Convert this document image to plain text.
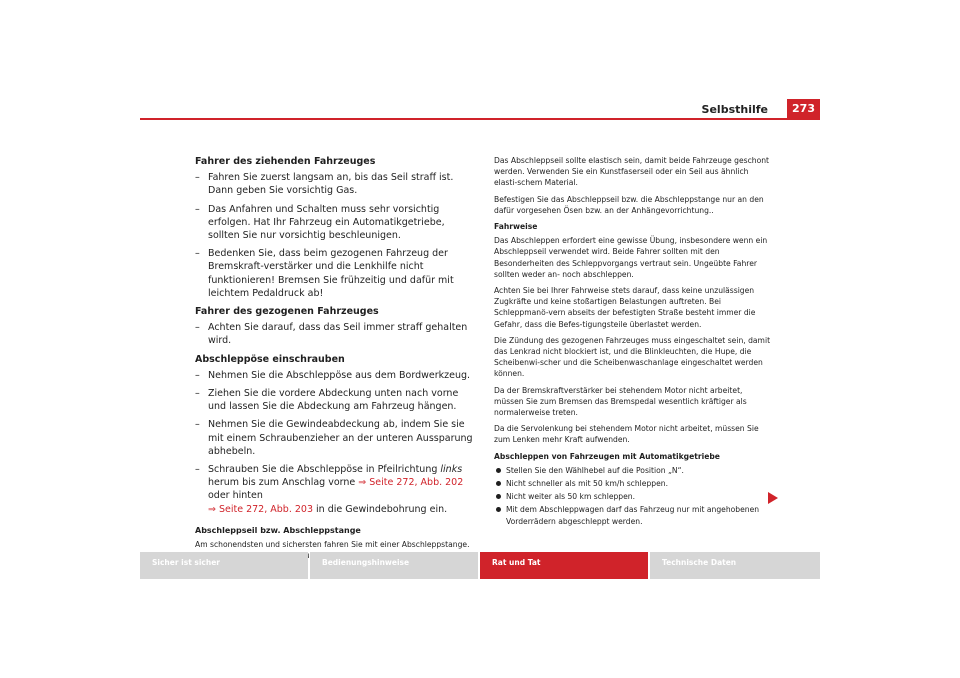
Selbsthilfe	273
Fahrer des ziehenden Fahrzeuges
– Fahren Sie zuerst langsam an, bis das Seil straff ist. Dann geben Sie vorsichtig Gas.
– Das Anfahren und Schalten muss sehr vorsichtig erfolgen. Hat Ihr Fahrzeug ein Automatikgetriebe, sollten Sie nur vorsichtig beschleunigen.
– Bedenken Sie, dass beim gezogenen Fahrzeug der Bremskraft-verstärker und die Lenkhilfe nicht funktionieren! Bremsen Sie frühzeitig und dafür mit leichtem Pedaldruck ab!
Fahrer des gezogenen Fahrzeuges
– Achten Sie darauf, dass das Seil immer straff gehalten wird.
Abschleppöse einschrauben
– Nehmen Sie die Abschleppöse aus dem Bordwerkzeug.
– Ziehen Sie die vordere Abdeckung unten nach vorne und lassen Sie die Abdeckung am Fahrzeug hängen.
– Nehmen Sie die Gewindeabdeckung ab, indem Sie sie mit einem Schraubenzieher an der unteren Aussparung abhebeln.
– Schrauben Sie die Abschleppöse in Pfeilrichtung links herum bis zum Anschlag vorne ⇒ Seite 272, Abb. 202 oder hinten
⇒ Seite 272, Abb. 203 in die Gewindebohrung ein.
Abschleppseil bzw. Abschleppstange

Am schonendsten und sichersten fahren Sie mit einer Abschleppstange.

Das Abschleppseil sollte elastisch sein, damit beide Fahrzeuge geschont werden. Verwenden Sie ein Kunstfaserseil oder ein Seil aus ähnlich elasti-schem Material.

Befestigen Sie das Abschleppseil bzw. die Abschleppstange nur an den dafür vorgesehen Ösen bzw. an der Anhängevorrichtung..

Fahrweise

Das Abschleppen erfordert eine gewisse Übung, insbesondere wenn ein Abschleppseil verwendet wird. Beide Fahrer sollten mit den Besonderheiten des Schleppvorgangs vertraut sein. Ungeübte Fahrer sollten weder an- noch abschleppen.

Achten Sie bei Ihrer Fahrweise stets darauf, dass keine unzulässigen Zugkräfte und keine stoßartigen Belastungen auftreten. Bei Schleppmanö-vern abseits der befestigten Straße besteht immer die Gefahr, dass die Befes-tigungsteile überlastet werden.

Die Zündung des gezogenen Fahrzeuges muss eingeschaltet sein, damit das Lenkrad nicht blockiert ist, und die Blinkleuchten, die Hupe, die Scheibenwi-scher und die Scheibenwaschanlage eingeschaltet werden können.

Da der Bremskraftverstärker bei stehendem Motor nicht arbeitet, müssen Sie zum Bremsen das Bremspedal wesentlich kräftiger als normalerweise treten.

Da die Servolenkung bei stehendem Motor nicht arbeitet, müssen Sie zum Lenken mehr Kraft aufwenden.

Abschleppen von Fahrzeugen mit Automatikgetriebe
Stellen Sie den Wählhebel auf die Position „N“.
Nicht schneller als mit 50 km/h schleppen.
Nicht weiter als 50 km schleppen.
Mit dem Abschleppwagen darf das Fahrzeug nur mit angehobenen Vorderrädern abgeschleppt werden.
Sicher ist sicher	Bedienungshinweise	Rat und Tat	Technische Daten
